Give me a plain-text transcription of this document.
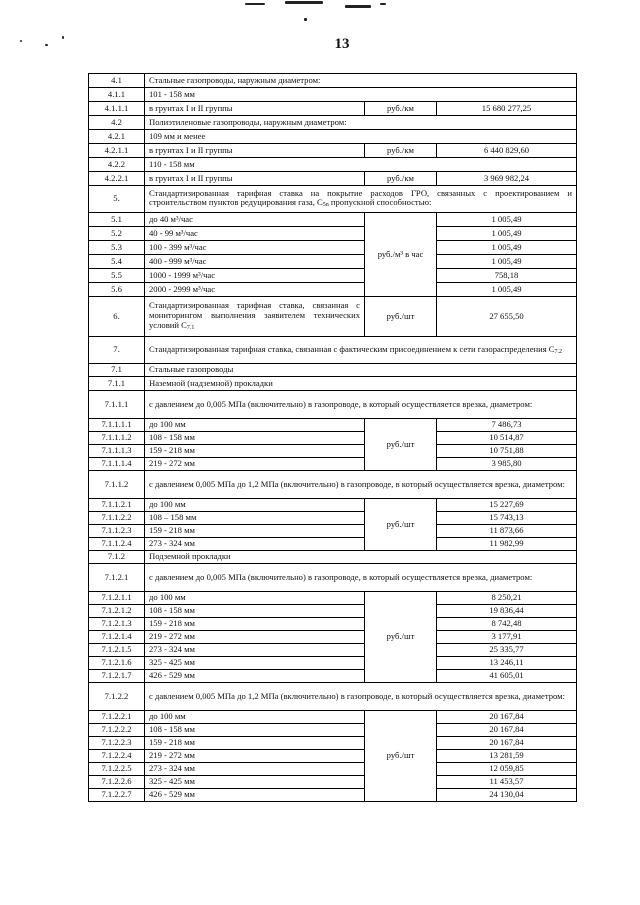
13
4.1	Стальные газопроводы, наружным диаметром:		
4.1.1	101 - 158 мм		
4.1.1.1	в грунтах I и II группы	руб./км	15 680 277,25
4.2	Полиэтиленовые газопроводы, наружным диаметром:		
4.2.1	109 мм и менее		
4.2.1.1	в грунтах I и II группы	руб./км	6 440 829,60
4.2.2	110 - 158 мм		
4.2.2.1	в грунтах I и II группы	руб./км	3 969 982,24
5.	Стандартизированная тарифная ставка на покрытие расходов ГРО, связанных с проектированием и строительством пунктов редуцирования газа, $С_{5n}$ пропускной способностью:		
5.1	до 40 м³/час	руб./м³ в час	1 005,49
5.2	40 - 99 м³/час		1 005,49
5.3	100 - 399 м³/час		1 005,49
5.4	400 - 999 м³/час		1 005,49
5.5	1000 - 1999 м³/час		758,18
5.6	2000 - 2999 м³/час		1 005,49
6.	Стандартизированная тарифная ставка, связанная с мониторингом выполнения заявителем технических условий $С_{7.1}$	руб./шт	27 655,50
7.	Стандартизированная тарифная ставка, связанная с фактическим присоединением к сети газораспределения $С_{7.2}$
7.1	Стальные газопроводы		
7.1.1	Наземной (надземной) прокладки		
7.1.1.1	с давлением до 0,005 МПа (включительно) в газопроводе, в который осуществляется врезка, диаметром:		
7.1.1.1.1	до 100 мм	руб./шт	7 486,73
7.1.1.1.2	108 - 158 мм		10 514,87
7.1.1.1.3	159 - 218 мм		10 751,88
7.1.1.1.4	219 - 272 мм		3 985,80
7.1.1.2	с давлением 0,005 МПа до 1,2 МПа (включительно) в газопроводе, в который осуществляется врезка, диаметром:		
7.1.1.2.1	до 100 мм	руб./шт	15 227,69
7.1.1.2.2	108 – 158 мм		15 743,13
7.1.1.2.3	159 - 218 мм		11 873,66
7.1.1.2.4	273 - 324 мм		11 982,99
7.1.2	Подземной прокладки		
7.1.2.1	с давлением до 0,005 МПа (включительно) в газопроводе, в который осуществляется врезка, диаметром:		
7.1.2.1.1	до 100 мм	руб./шт	8 250,21
7.1.2.1.2	108 - 158 мм		19 836,44
7.1.2.1.3	159 - 218 мм		8 742,48
7.1.2.1.4	219 - 272 мм		3 177,91
7.1.2.1.5	273 - 324 мм		25 335,77
7.1.2.1.6	325 - 425 мм		13 246,11
7.1.2.1.7	426 - 529 мм		41 605,01
7.1.2.2	с давлением 0,005 МПа до 1,2 МПа (включительно) в газопроводе, в который осуществляется врезка, диаметром:		
7.1.2.2.1	до 100 мм	руб./шт	20 167,84
7.1.2.2.2	108 - 158 мм		20 167,84
7.1.2.2.3	159 - 218 мм		20 167,84
7.1.2.2.4	219 - 272 мм		13 281,59
7.1.2.2.5	273 - 324 мм		12 059,85
7.1.2.2.6	325 - 425 мм		11 453,57
7.1.2.2.7	426 - 529 мм		24 130,04
